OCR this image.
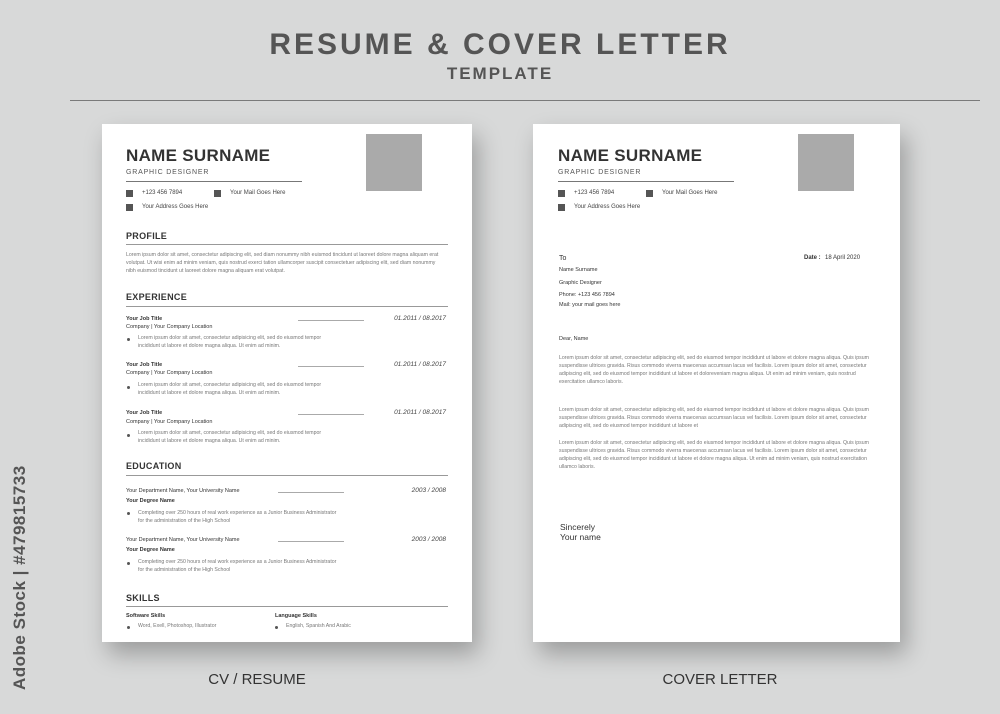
RESUME & COVER LETTER
TEMPLATE
Adobe Stock | #479815733
NAME SURNAME
GRAPHIC DESIGNER
+123 456 7894	Your Mail Goes Here
Your Address Goes Here
PROFILE
Lorem ipsum dolor sit amet, consectetur adipiscing elit, sed diam nonummy nibh euismod tincidunt ut laoreet dolore magna aliquam erat volutpat. Ut wisi enim ad minim veniam, quis nostrud exerci tation ullamcorper suscipit consectetuer adipiscing elit, sed diam nonummy nibh euismod tincidunt ut laoreet dolore magna aliquam erat volutpat.
EXPERIENCE
Your Job Title	01.2011 / 08.2017
Company | Your Company Location
Lorem ipsum dolor sit amet, consectetur adipisicing elit, sed do eiusmod tempor incididunt ut labore et dolore magna aliqua. Ut enim ad minim.
Your Job Title	01.2011 / 08.2017
Company | Your Company Location
Lorem ipsum dolor sit amet, consectetur adipisicing elit, sed do eiusmod tempor incididunt ut labore et dolore magna aliqua. Ut enim ad minim.
Your Job Title	01.2011 / 08.2017
Company | Your Company Location
Lorem ipsum dolor sit amet, consectetur adipisicing elit, sed do eiusmod tempor incididunt ut labore et dolore magna aliqua. Ut enim ad minim.
EDUCATION
Your Department Name, Your University Name	2003 / 2008
Your Degree Name
Completing over 250 hours of real work experience as a Junior Business Administrator for the administration of the High School
Your Department Name, Your University Name	2003 / 2008
Your Degree Name
Completing over 250 hours of real work experience as a Junior Business Administrator for the administration of the High School
SKILLS
Software Skills
Word, Exell, Photoshop, Illustrator
Language Skills
English, Spanish And Arabic
NAME SURNAME
GRAPHIC DESIGNER
+123 456 7894	Your Mail Goes Here
Your Address Goes Here
To	Date : 18 April 2020
Name Surname
Graphic Designer
Phone: +123 456 7894
Mail: your mail goes here
Dear, Name
Lorem ipsum dolor sit amet, consectetur adipiscing elit, sed do eiusmod tempor incididunt ut labore et dolore magna aliqua. Quis ipsum suspendisse ultrices gravida. Risus commodo viverra maecenas accumsan lacus vel facilisis. Lorem ipsum dolor sit amet, consectetur adipiscing elit, sed do eiusmod tempor incididunt ut labore et doloreveniam magna aliqua. Ut enim ad minim veniam, quis nostrud exercitation ullamco laboris.
Lorem ipsum dolor sit amet, consectetur adipiscing elit, sed do eiusmod tempor incididunt ut labore et dolore magna aliqua. Quis ipsum suspendisse ultrices gravida. Risus commodo viverra maecenas accumsan lacus vel facilisis. Lorem ipsum dolor sit amet, consectetur adipiscing elit, sed do eiusmod tempor incididunt ut labore et
Lorem ipsum dolor sit amet, consectetur adipiscing elit, sed do eiusmod tempor incididunt ut labore et dolore magna aliqua. Quis ipsum suspendisse ultrices gravida. Risus commodo viverra maecenas accumsan lacus vel facilisis. Lorem ipsum dolor sit amet, consectetur adipiscing elit, sed do eiusmod tempor incididunt ut labore et dolore magna aliqua. Ut enim ad minim veniam, quis nostrud exercitation ullamco laboris.
Sincerely
Your name
CV / RESUME	COVER LETTER
